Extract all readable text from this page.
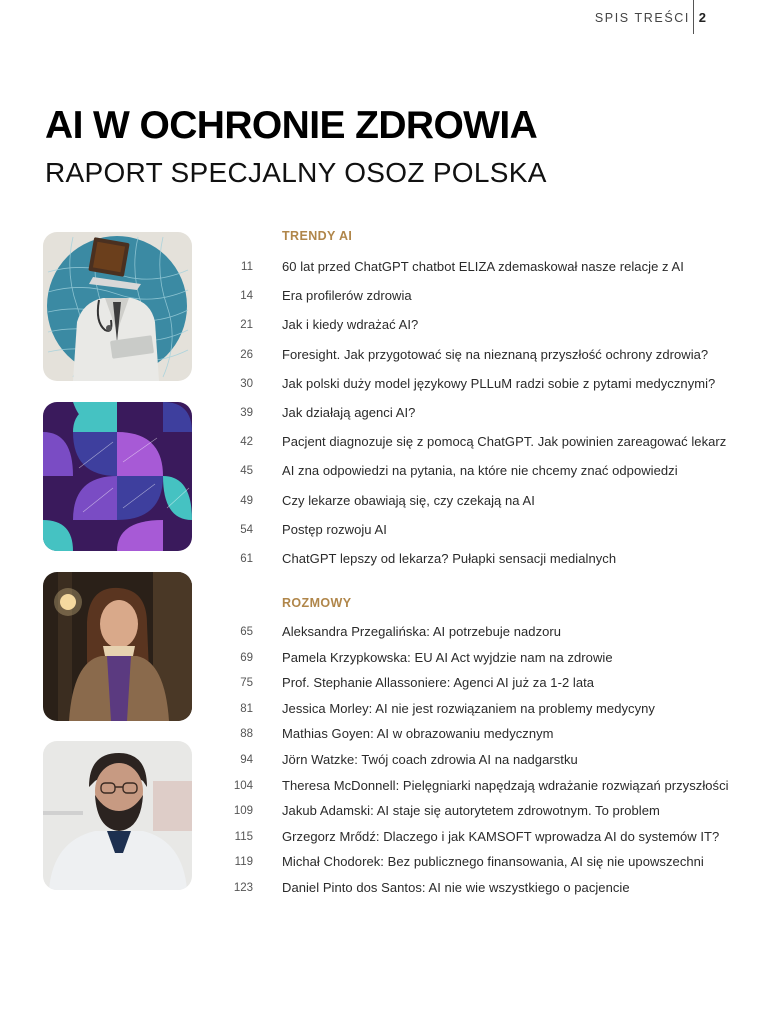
SPIS TREŚCI 2
AI W OCHRONIE ZDROWIA
RAPORT SPECJALNY OSOZ POLSKA
TRENDY AI
11 60 lat przed ChatGPT chatbot ELIZA zdemaskował nasze relacje z AI
14 Era profilerów zdrowia
21 Jak i kiedy wdrażać AI?
26 Foresight. Jak przygotować się na nieznaną przyszłość ochrony zdrowia?
30 Jak polski duży model językowy PLLuM radzi sobie z pytami medycznymi?
39 Jak działają agenci AI?
42 Pacjent diagnozuje się z pomocą ChatGPT. Jak powinien zareagować lekarz
45 AI zna odpowiedzi na pytania, na które nie chcemy znać odpowiedzi
49 Czy lekarze obawiają się, czy czekają na AI
54 Postęp rozwoju AI
61 ChatGPT lepszy od lekarza? Pułapki sensacji medialnych
ROZMOWY
65 Aleksandra Przegalińska: AI potrzebuje nadzoru
69 Pamela Krzypkowska: EU AI Act wyjdzie nam na zdrowie
75 Prof. Stephanie Allassoniere: Agenci AI już za 1-2 lata
81 Jessica Morley: AI nie jest rozwiązaniem na problemy medycyny
88 Mathias Goyen: AI w obrazowaniu medycznym
94 Jörn Watzke: Twój coach zdrowia AI na nadgarstku
104 Theresa McDonnell: Pielęgniarki napędzają wdrażanie rozwiązań przyszłości
109 Jakub Adamski: AI staje się autorytetem zdrowotnym. To problem
115 Grzegorz Mrődź: Dlaczego i jak KAMSOFT wprowadza AI do systemów IT?
119 Michał Chodorek: Bez publicznego finansowania, AI się nie upowszechni
123 Daniel Pinto dos Santos: AI nie wie wszystkiego o pacjencie
